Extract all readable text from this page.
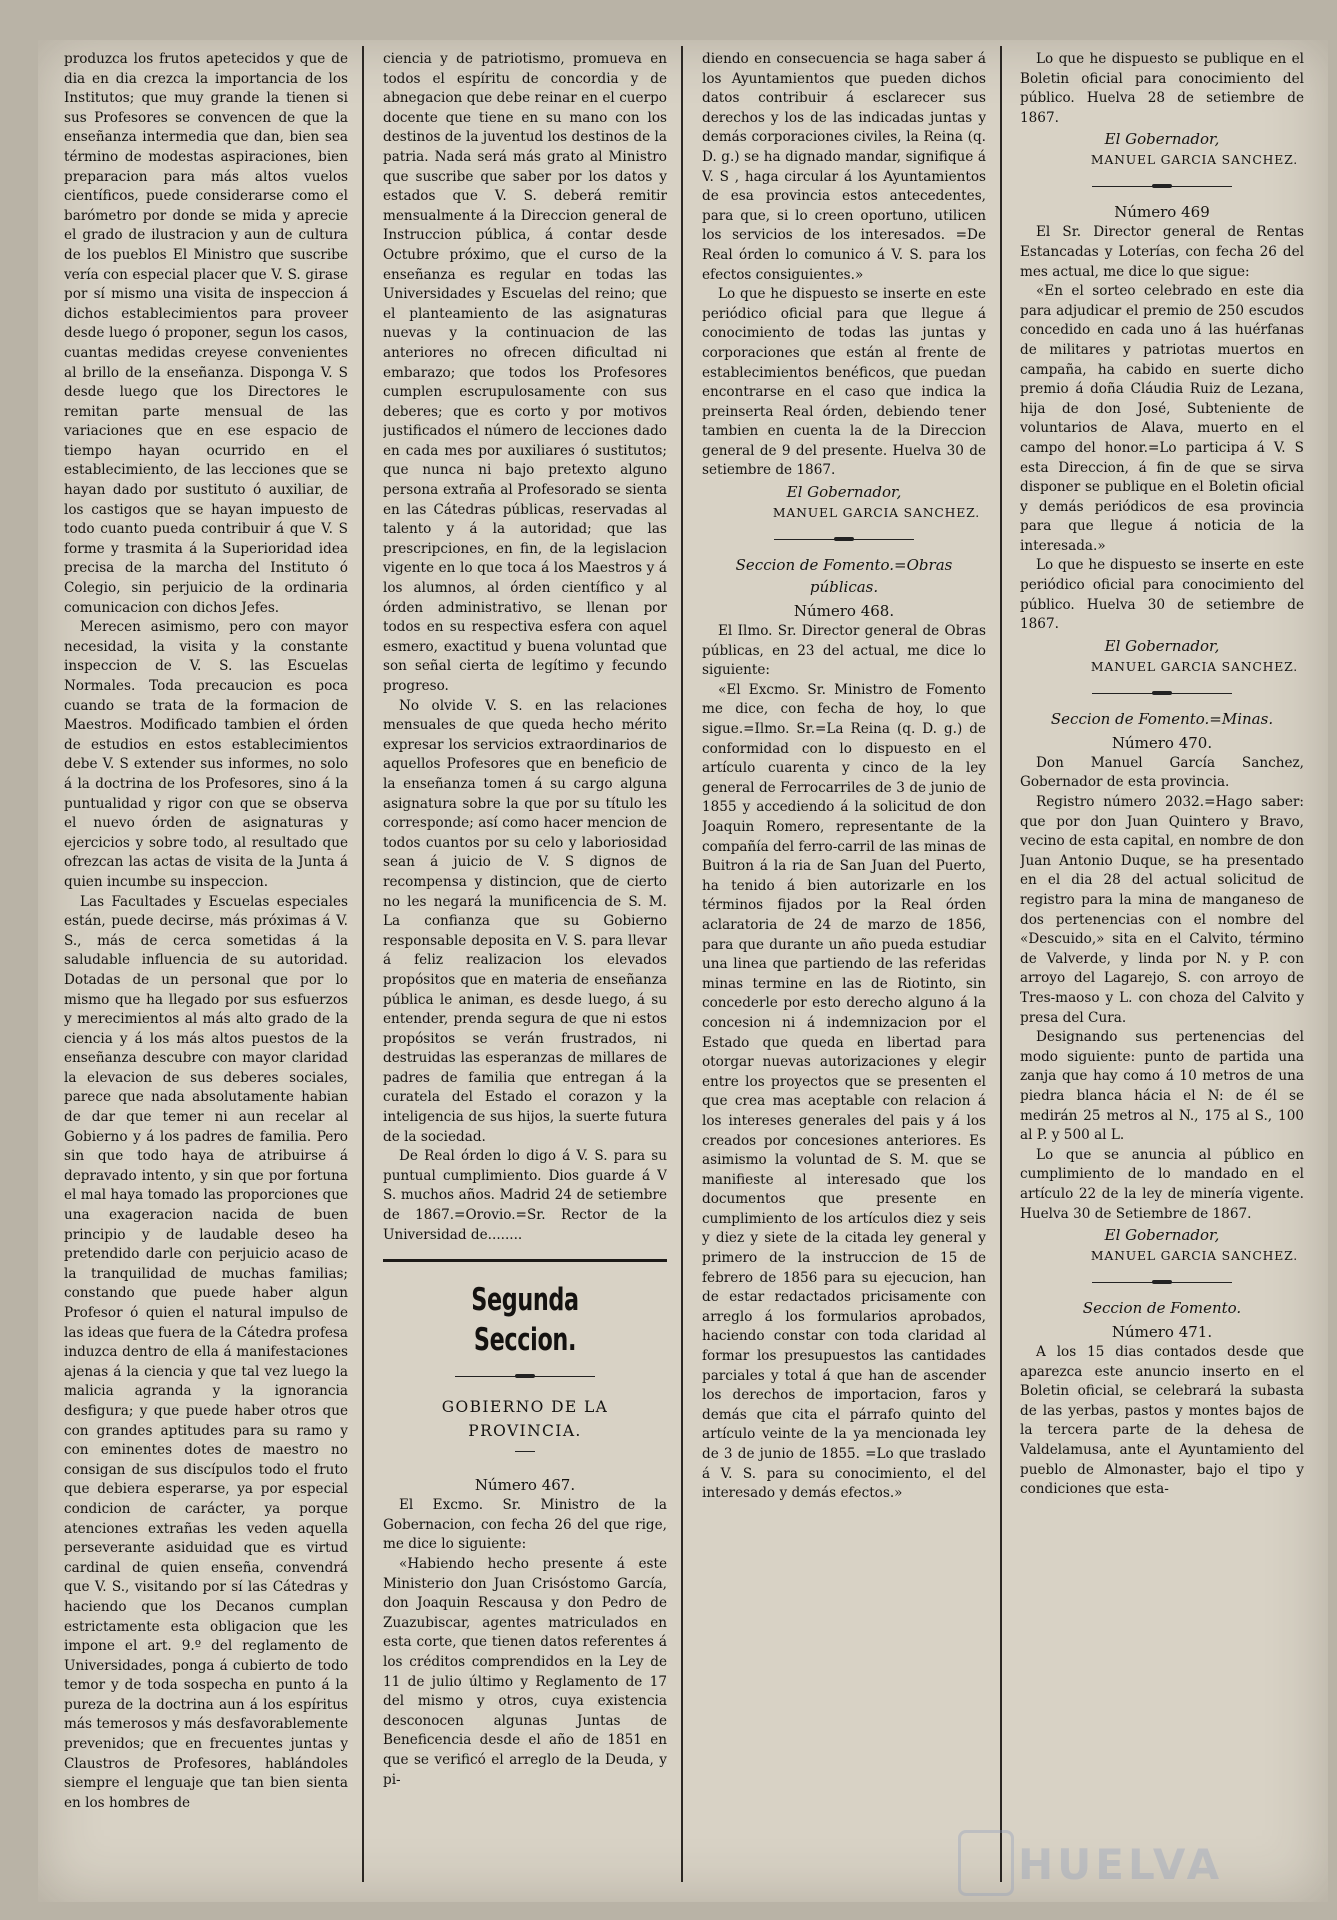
produzca los frutos apetecidos y que de dia en dia crezca la importancia de los Institutos; que muy grande la tienen si sus Profesores se convencen de que la enseñanza intermedia que dan, bien sea término de modestas aspiraciones, bien preparacion para más altos vuelos científicos, puede considerarse como el barómetro por donde se mida y aprecie el grado de ilustracion y aun de cultura de los pueblos El Ministro que suscribe vería con especial placer que V. S. girase por sí mismo una visita de inspeccion á dichos establecimientos para proveer desde luego ó proponer, segun los casos, cuantas medidas creyese convenientes al brillo de la enseñanza. Disponga V. S desde luego que los Directores le remitan parte mensual de las variaciones que en ese espacio de tiempo hayan ocurrido en el establecimiento, de las lecciones que se hayan dado por sustituto ó auxiliar, de los castigos que se hayan impuesto de todo cuanto pueda contribuir á que V. S forme y trasmita á la Superioridad idea precisa de la marcha del Instituto ó Colegio, sin perjuicio de la ordinaria comunicacion con dichos Jefes.

Merecen asimismo, pero con mayor necesidad, la visita y la constante inspeccion de V. S. las Escuelas Normales. Toda precaucion es poca cuando se trata de la formacion de Maestros. Modificado tambien el órden de estudios en estos establecimientos debe V. S extender sus informes, no solo á la doctrina de los Profesores, sino á la puntualidad y rigor con que se observa el nuevo órden de asignaturas y ejercicios y sobre todo, al resultado que ofrezcan las actas de visita de la Junta á quien incumbe su inspeccion.

Las Facultades y Escuelas especiales están, puede decirse, más próximas á V. S., más de cerca sometidas á la saludable influencia de su autoridad. Dotadas de un personal que por lo mismo que ha llegado por sus esfuerzos y merecimientos al más alto grado de la ciencia y á los más altos puestos de la enseñanza descubre con mayor claridad la elevacion de sus deberes sociales, parece que nada absolutamente habian de dar que temer ni aun recelar al Gobierno y á los padres de familia. Pero sin que todo haya de atribuirse á depravado intento, y sin que por fortuna el mal haya tomado las proporciones que una exageracion nacida de buen principio y de laudable deseo ha pretendido darle con perjuicio acaso de la tranquilidad de muchas familias; constando que puede haber algun Profesor ó quien el natural impulso de las ideas que fuera de la Cátedra profesa induzca dentro de ella á manifestaciones ajenas á la ciencia y que tal vez luego la malicia agranda y la ignorancia desfigura; y que puede haber otros que con grandes aptitudes para su ramo y con eminentes dotes de maestro no consigan de sus discípulos todo el fruto que debiera esperarse, ya por especial condicion de carácter, ya porque atenciones extrañas les veden aquella perseverante asiduidad que es virtud cardinal de quien enseña, convendrá que V. S., visitando por sí las Cátedras y haciendo que los Decanos cumplan estrictamente esta obligacion que les impone el art. 9.º del reglamento de Universidades, ponga á cubierto de todo temor y de toda sospecha en punto á la pureza de la doctrina aun á los espíritus más temerosos y más desfavorablemente prevenidos; que en frecuentes juntas y Claustros de Profesores, hablándoles siempre el lenguaje que tan bien sienta en los hombres de

ciencia y de patriotismo, promueva en todos el espíritu de concordia y de abnegacion que debe reinar en el cuerpo docente que tiene en su mano con los destinos de la juventud los destinos de la patria. Nada será más grato al Ministro que suscribe que saber por los datos y estados que V. S. deberá remitir mensualmente á la Direccion general de Instruccion pública, á contar desde Octubre próximo, que el curso de la enseñanza es regular en todas las Universidades y Escuelas del reino; que el planteamiento de las asignaturas nuevas y la continuacion de las anteriores no ofrecen dificultad ni embarazo; que todos los Profesores cumplen escrupulosamente con sus deberes; que es corto y por motivos justificados el número de lecciones dado en cada mes por auxiliares ó sustitutos; que nunca ni bajo pretexto alguno persona extraña al Profesorado se sienta en las Cátedras públicas, reservadas al talento y á la autoridad; que las prescripciones, en fin, de la legislacion vigente en lo que toca á los Maestros y á los alumnos, al órden científico y al órden administrativo, se llenan por todos en su respectiva esfera con aquel esmero, exactitud y buena voluntad que son señal cierta de legítimo y fecundo progreso.

No olvide V. S. en las relaciones mensuales de que queda hecho mérito expresar los servicios extraordinarios de aquellos Profesores que en beneficio de la enseñanza tomen á su cargo alguna asignatura sobre la que por su título les corresponde; así como hacer mencion de todos cuantos por su celo y laboriosidad sean á juicio de V. S dignos de recompensa y distincion, que de cierto no les negará la munificencia de S. M. La confianza que su Gobierno responsable deposita en V. S. para llevar á feliz realizacion los elevados propósitos que en materia de enseñanza pública le animan, es desde luego, á su entender, prenda segura de que ni estos propósitos se verán frustrados, ni destruidas las esperanzas de millares de padres de familia que entregan á la curatela del Estado el corazon y la inteligencia de sus hijos, la suerte futura de la sociedad.

De Real órden lo digo á V. S. para su puntual cumplimiento. Dios guarde á V S. muchos años. Madrid 24 de setiembre de 1867.=Orovio.=Sr. Rector de la Universidad de........

Segunda Seccion.
GOBIERNO DE LA PROVINCIA.
Número 467.

El Excmo. Sr. Ministro de la Gobernacion, con fecha 26 del que rige, me dice lo siguiente:

«Habiendo hecho presente á este Ministerio don Juan Crisóstomo García, don Joaquin Rescausa y don Pedro de Zuazubiscar, agentes matriculados en esta corte, que tienen datos referentes á los créditos comprendidos en la Ley de 11 de julio último y Reglamento de 17 del mismo y otros, cuya existencia desconocen algunas Juntas de Beneficencia desde el año de 1851 en que se verificó el arreglo de la Deuda, y pi-

diendo en consecuencia se haga saber á los Ayuntamientos que pueden dichos datos contribuir á esclarecer sus derechos y los de las indicadas juntas y demás corporaciones civiles, la Reina (q. D. g.) se ha dignado mandar, signifique á V. S , haga circular á los Ayuntamientos de esa provincia estos antecedentes, para que, si lo creen oportuno, utilicen los servicios de los interesados. =De Real órden lo comunico á V. S. para los efectos consiguientes.»

Lo que he dispuesto se inserte en este periódico oficial para que llegue á conocimiento de todas las juntas y corporaciones que están al frente de establecimientos benéficos, que puedan encontrarse en el caso que indica la preinserta Real órden, debiendo tener tambien en cuenta la de la Direccion general de 9 del presente. Huelva 30 de setiembre de 1867.

El Gobernador,
MANUEL GARCIA SANCHEZ.
Seccion de Fomento.=Obras públicas.
Número 468.

El Ilmo. Sr. Director general de Obras públicas, en 23 del actual, me dice lo siguiente:

«El Excmo. Sr. Ministro de Fomento me dice, con fecha de hoy, lo que sigue.=Ilmo. Sr.=La Reina (q. D. g.) de conformidad con lo dispuesto en el artículo cuarenta y cinco de la ley general de Ferrocarriles de 3 de junio de 1855 y accediendo á la solicitud de don Joaquin Romero, representante de la compañía del ferro-carril de las minas de Buitron á la ria de San Juan del Puerto, ha tenido á bien autorizarle en los términos fijados por la Real órden aclaratoria de 24 de marzo de 1856, para que durante un año pueda estudiar una linea que partiendo de las referidas minas termine en las de Riotinto, sin concederle por esto derecho alguno á la concesion ni á indemnizacion por el Estado que queda en libertad para otorgar nuevas autorizaciones y elegir entre los proyectos que se presenten el que crea mas aceptable con relacion á los intereses generales del pais y á los creados por concesiones anteriores. Es asimismo la voluntad de S. M. que se manifieste al interesado que los documentos que presente en cumplimiento de los artículos diez y seis y diez y siete de la citada ley general y primero de la instruccion de 15 de febrero de 1856 para su ejecucion, han de estar redactados pricisamente con arreglo á los formularios aprobados, haciendo constar con toda claridad al formar los presupuestos las cantidades parciales y total á que han de ascender los derechos de importacion, faros y demás que cita el párrafo quinto del artículo veinte de la ya mencionada ley de 3 de junio de 1855. =Lo que traslado á V. S. para su conocimiento, el del interesado y demás efectos.»

Lo que he dispuesto se publique en el Boletin oficial para conocimiento del público. Huelva 28 de setiembre de 1867.

El Gobernador,
MANUEL GARCIA SANCHEZ.
Número 469

El Sr. Director general de Rentas Estancadas y Loterías, con fecha 26 del mes actual, me dice lo que sigue:

«En el sorteo celebrado en este dia para adjudicar el premio de 250 escudos concedido en cada uno á las huérfanas de militares y patriotas muertos en campaña, ha cabido en suerte dicho premio á doña Cláudia Ruiz de Lezana, hija de don José, Subteniente de voluntarios de Alava, muerto en el campo del honor.=Lo participa á V. S esta Direccion, á fin de que se sirva disponer se publique en el Boletin oficial y demás periódicos de esa provincia para que llegue á noticia de la interesada.»

Lo que he dispuesto se inserte en este periódico oficial para conocimiento del público. Huelva 30 de setiembre de 1867.

El Gobernador,
MANUEL GARCIA SANCHEZ.
Seccion de Fomento.=Minas.
Número 470.

Don Manuel García Sanchez, Gobernador de esta provincia.

Registro número 2032.=Hago saber: que por don Juan Quintero y Bravo, vecino de esta capital, en nombre de don Juan Antonio Duque, se ha presentado en el dia 28 del actual solicitud de registro para la mina de manganeso de dos pertenencias con el nombre del «Descuido,» sita en el Calvito, término de Valverde, y linda por N. y P. con arroyo del Lagarejo, S. con arroyo de Tres-maoso y L. con choza del Calvito y presa del Cura.

Designando sus pertenencias del modo siguiente: punto de partida una zanja que hay como á 10 metros de una piedra blanca hácia el N: de él se medirán 25 metros al N., 175 al S., 100 al P. y 500 al L.

Lo que se anuncia al público en cumplimiento de lo mandado en el artículo 22 de la ley de minería vigente. Huelva 30 de Setiembre de 1867.

El Gobernador,
MANUEL GARCIA SANCHEZ.
Seccion de Fomento.
Número 471.

A los 15 dias contados desde que aparezca este anuncio inserto en el Boletin oficial, se celebrará la subasta de las yerbas, pastos y montes bajos de la tercera parte de la dehesa de Valdelamusa, ante el Ayuntamiento del pueblo de Almonaster, bajo el tipo y condiciones que esta-

HUELVA
